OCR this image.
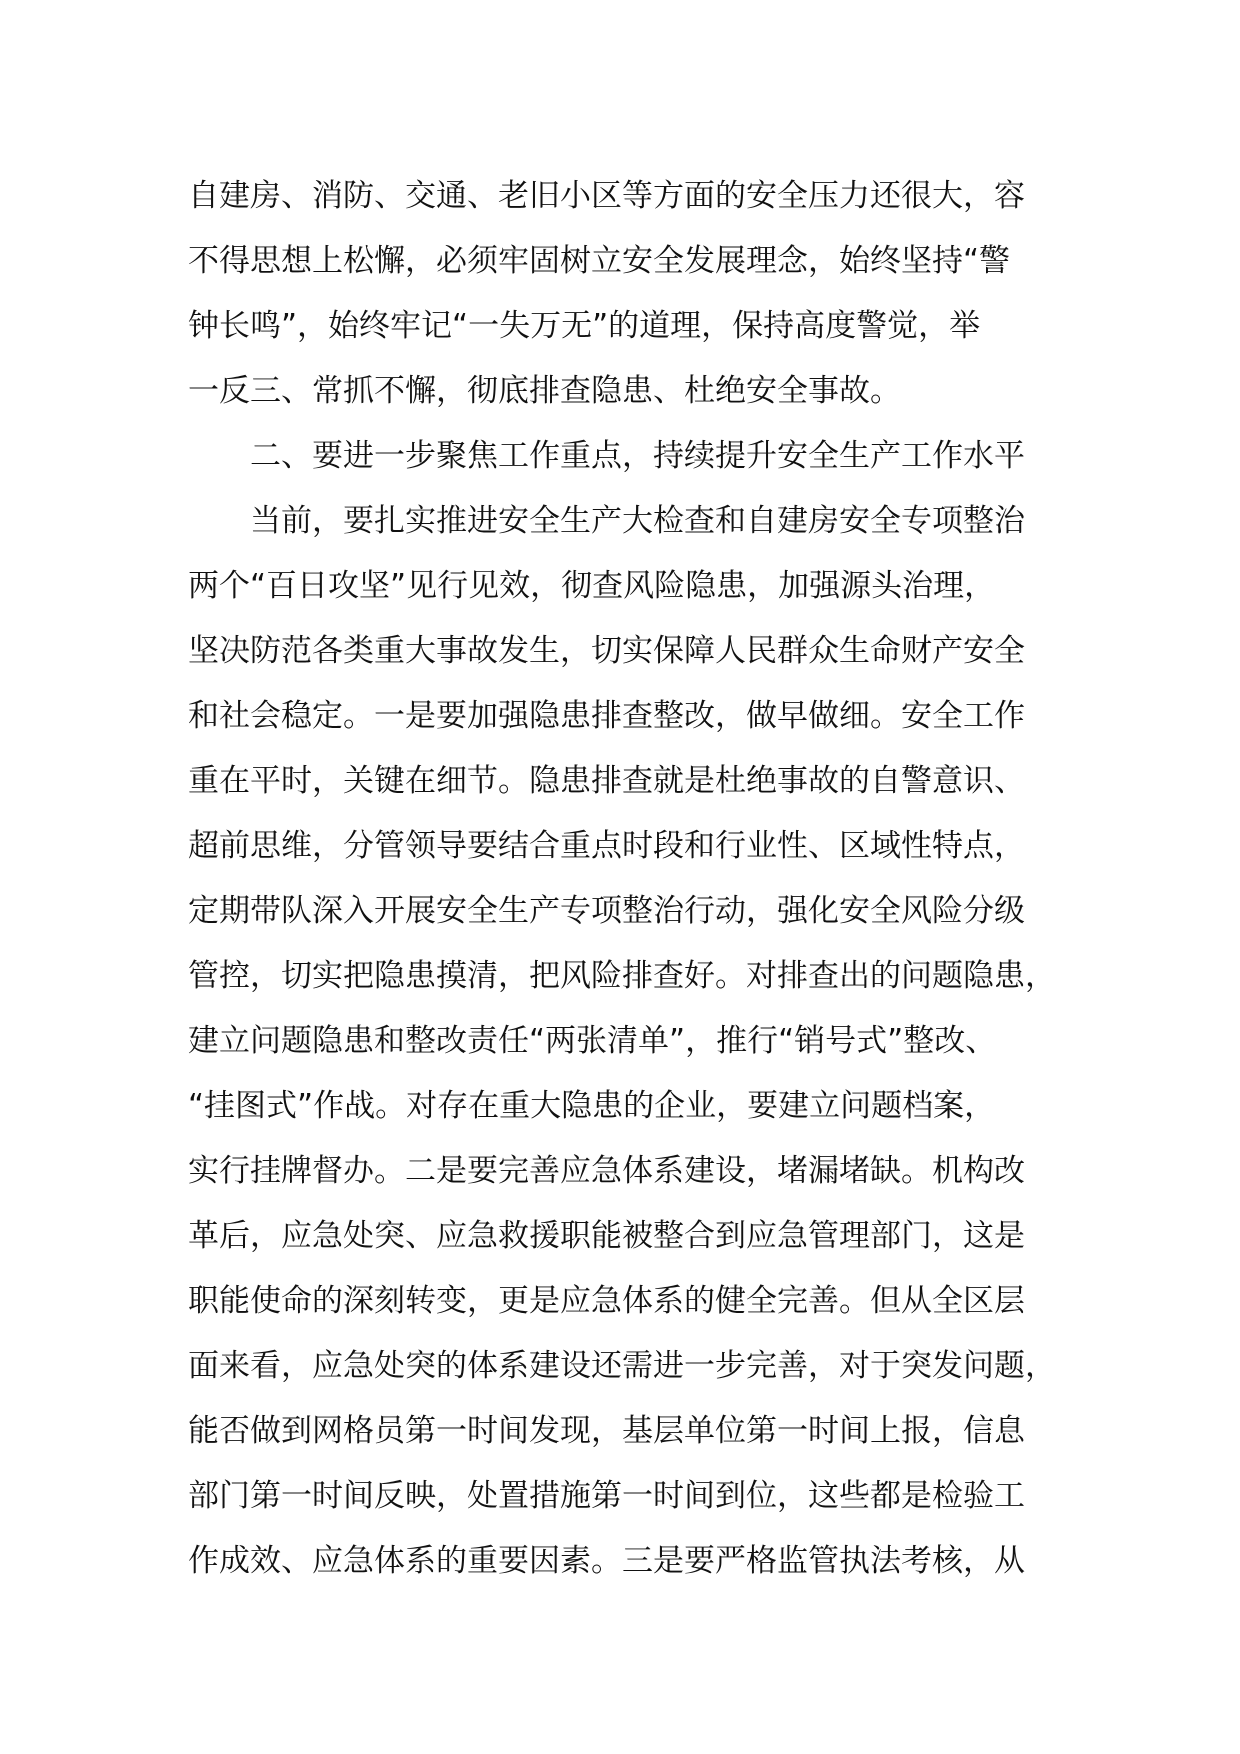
自建房、消防、交通、老旧小区等方面的安全压力还很大，容
不得思想上松懈，必须牢固树立安全发展理念，始终坚持“警
钟长鸣”，始终牢记“一失万无”的道理，保持高度警觉，举
一反三、常抓不懈，彻底排查隐患、杜绝安全事故。
二、要进一步聚焦工作重点，持续提升安全生产工作水平
当前，要扎实推进安全生产大检查和自建房安全专项整治
两个“百日攻坚”见行见效，彻查风险隐患，加强源头治理，
坚决防范各类重大事故发生，切实保障人民群众生命财产安全
和社会稳定。一是要加强隐患排查整改，做早做细。安全工作
重在平时，关键在细节。隐患排查就是杜绝事故的自警意识、
超前思维，分管领导要结合重点时段和行业性、区域性特点，
定期带队深入开展安全生产专项整治行动，强化安全风险分级
管控，切实把隐患摸清，把风险排查好。对排查出的问题隐患，
建立问题隐患和整改责任“两张清单”，推行“销号式”整改、
“挂图式”作战。对存在重大隐患的企业，要建立问题档案，
实行挂牌督办。二是要完善应急体系建设，堵漏堵缺。机构改
革后，应急处突、应急救援职能被整合到应急管理部门，这是
职能使命的深刻转变，更是应急体系的健全完善。但从全区层
面来看，应急处突的体系建设还需进一步完善，对于突发问题，
能否做到网格员第一时间发现，基层单位第一时间上报，信息
部门第一时间反映，处置措施第一时间到位，这些都是检验工
作成效、应急体系的重要因素。三是要严格监管执法考核，从
